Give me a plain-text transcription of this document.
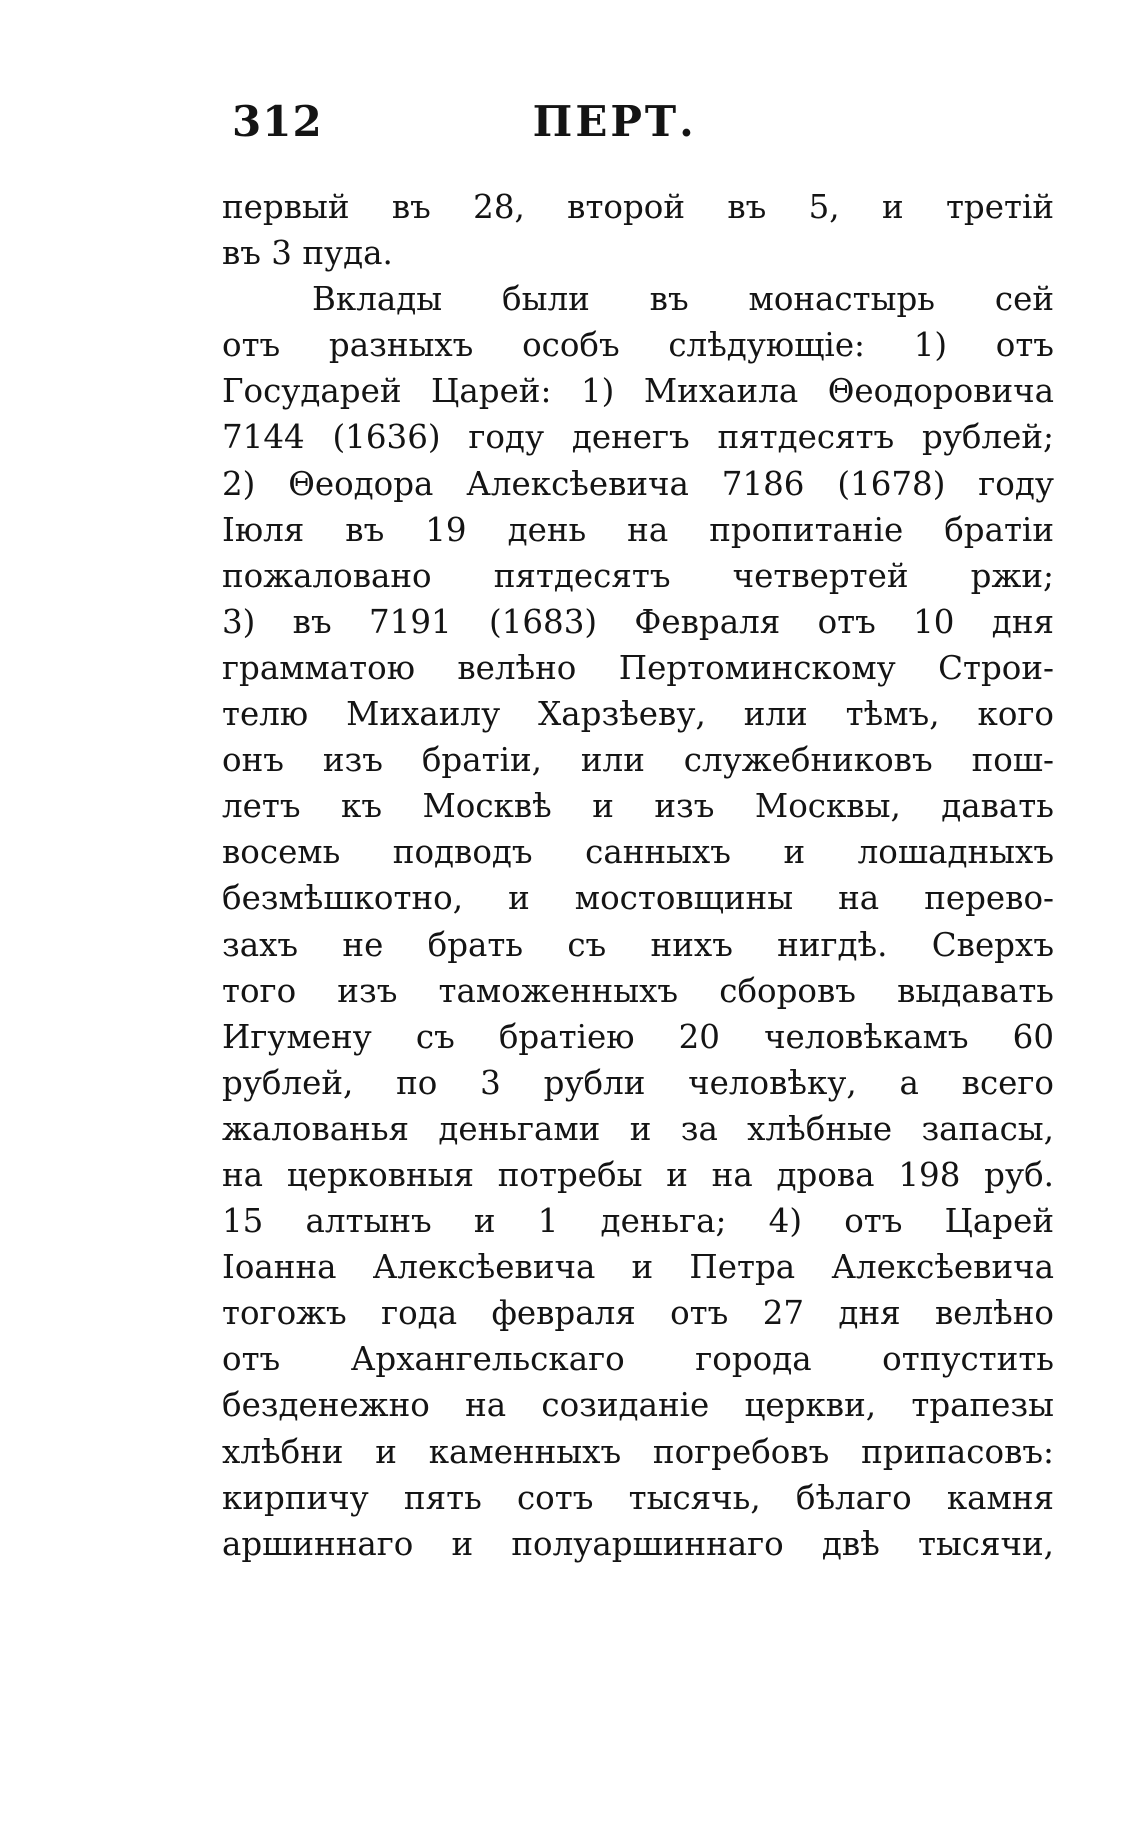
312	ПЕРТ.
первый въ 28, второй въ 5, и третій
въ 3 пуда.
Вклады были въ монастырь сей
отъ разныхъ особъ слѣдующіе: 1) отъ
Государей Царей: 1) Михаила Θеодоровича
7144 (1636) году денегъ пятдесятъ рублей;
2) Θеодора Алексѣевича 7186 (1678) году
Іюля въ 19 день на пропитаніе братіи
пожаловано пятдесятъ четвертей ржи;
3) въ 7191 (1683) Февраля отъ 10 дня
грамматою велѣно Пертоминскому Строи-
телю Михаилу Харзѣеву, или тѣмъ, кого
онъ изъ братіи, или служебниковъ пош-
летъ къ Москвѣ и изъ Москвы, давать
восемь подводъ санныхъ и лошадныхъ
безмѣшкотно, и мостовщины на перево-
захъ не брать съ нихъ нигдѣ. Сверхъ
того изъ таможенныхъ сборовъ выдавать
Игумену съ братіею 20 человѣкамъ 60
рублей, по 3 рубли человѣку, а всего
жалованья деньгами и за хлѣбные запасы,
на церковныя потребы и на дрова 198 руб.
15 алтынъ и 1 деньга; 4) отъ Царей
Іоанна Алексѣевича и Петра Алексѣевича
тогожъ года февраля отъ 27 дня велѣно
отъ Архангельскаго города отпустить
безденежно на созиданіе церкви, трапезы
хлѣбни и каменныхъ погребовъ припасовъ:
кирпичу пять сотъ тысячь, бѣлаго камня
аршиннаго и полуаршиннаго двѣ тысячи,
